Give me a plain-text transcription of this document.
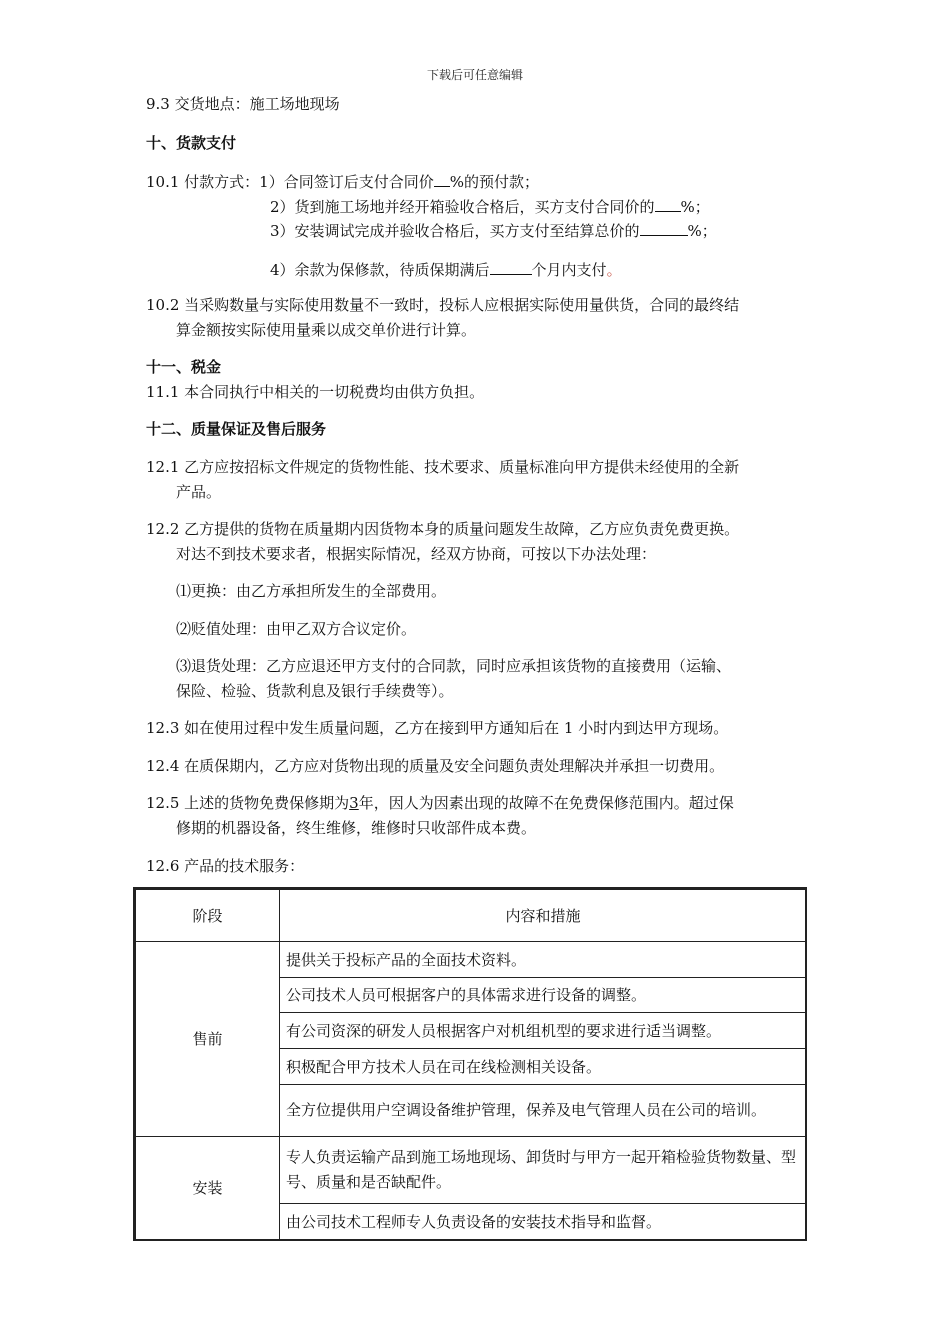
下载后可任意编辑
9.3 交货地点：施工场地现场
十、货款支付
10.1 付款方式：1）合同签订后支付合同价 %的预付款；
2）货到施工场地并经开箱验收合格后，买方支付合同价的 %；
3）安装调试完成并验收合格后，买方支付至结算总价的	%；
4）余款为保修款，待质保期满后	个月内支付。
10.2 当采购数量与实际使用数量不一致时，投标人应根据实际使用量供货，合同的最终结
算金额按实际使用量乘以成交单价进行计算。
十一、税金
11.1 本合同执行中相关的一切税费均由供方负担。
十二、质量保证及售后服务
12.1 乙方应按招标文件规定的货物性能、技术要求、质量标准向甲方提供未经使用的全新
产品。
12.2 乙方提供的货物在质量期内因货物本身的质量问题发生故障，乙方应负责免费更换。
对达不到技术要求者，根据实际情况，经双方协商，可按以下办法处理：
⑴更换：由乙方承担所发生的全部费用。
⑵贬值处理：由甲乙双方合议定价。
⑶退货处理：乙方应退还甲方支付的合同款，同时应承担该货物的直接费用（运输、
保险、检验、货款利息及银行手续费等）。
12.3 如在使用过程中发生质量问题，乙方在接到甲方通知后在 1 小时内到达甲方现场。
12.4 在质保期内，乙方应对货物出现的质量及安全问题负责处理解决并承担一切费用。
12.5 上述的货物免费保修期为3年，因人为因素出现的故障不在免费保修范围内。超过保
修期的机器设备，终生维修，维修时只收部件成本费。
12.6 产品的技术服务：
阶段	内容和措施
售前	提供关于投标产品的全面技术资料。
	公司技术人员可根据客户的具体需求进行设备的调整。
	有公司资深的研发人员根据客户对机组机型的要求进行适当调整。
	积极配合甲方技术人员在司在线检测相关设备。
	全方位提供用户空调设备维护管理，保养及电气管理人员在公司的培训。
安装	专人负责运输产品到施工场地现场、卸货时与甲方一起开箱检验货物数量、型号、质量和是否缺配件。
	由公司技术工程师专人负责设备的安装技术指导和监督。
